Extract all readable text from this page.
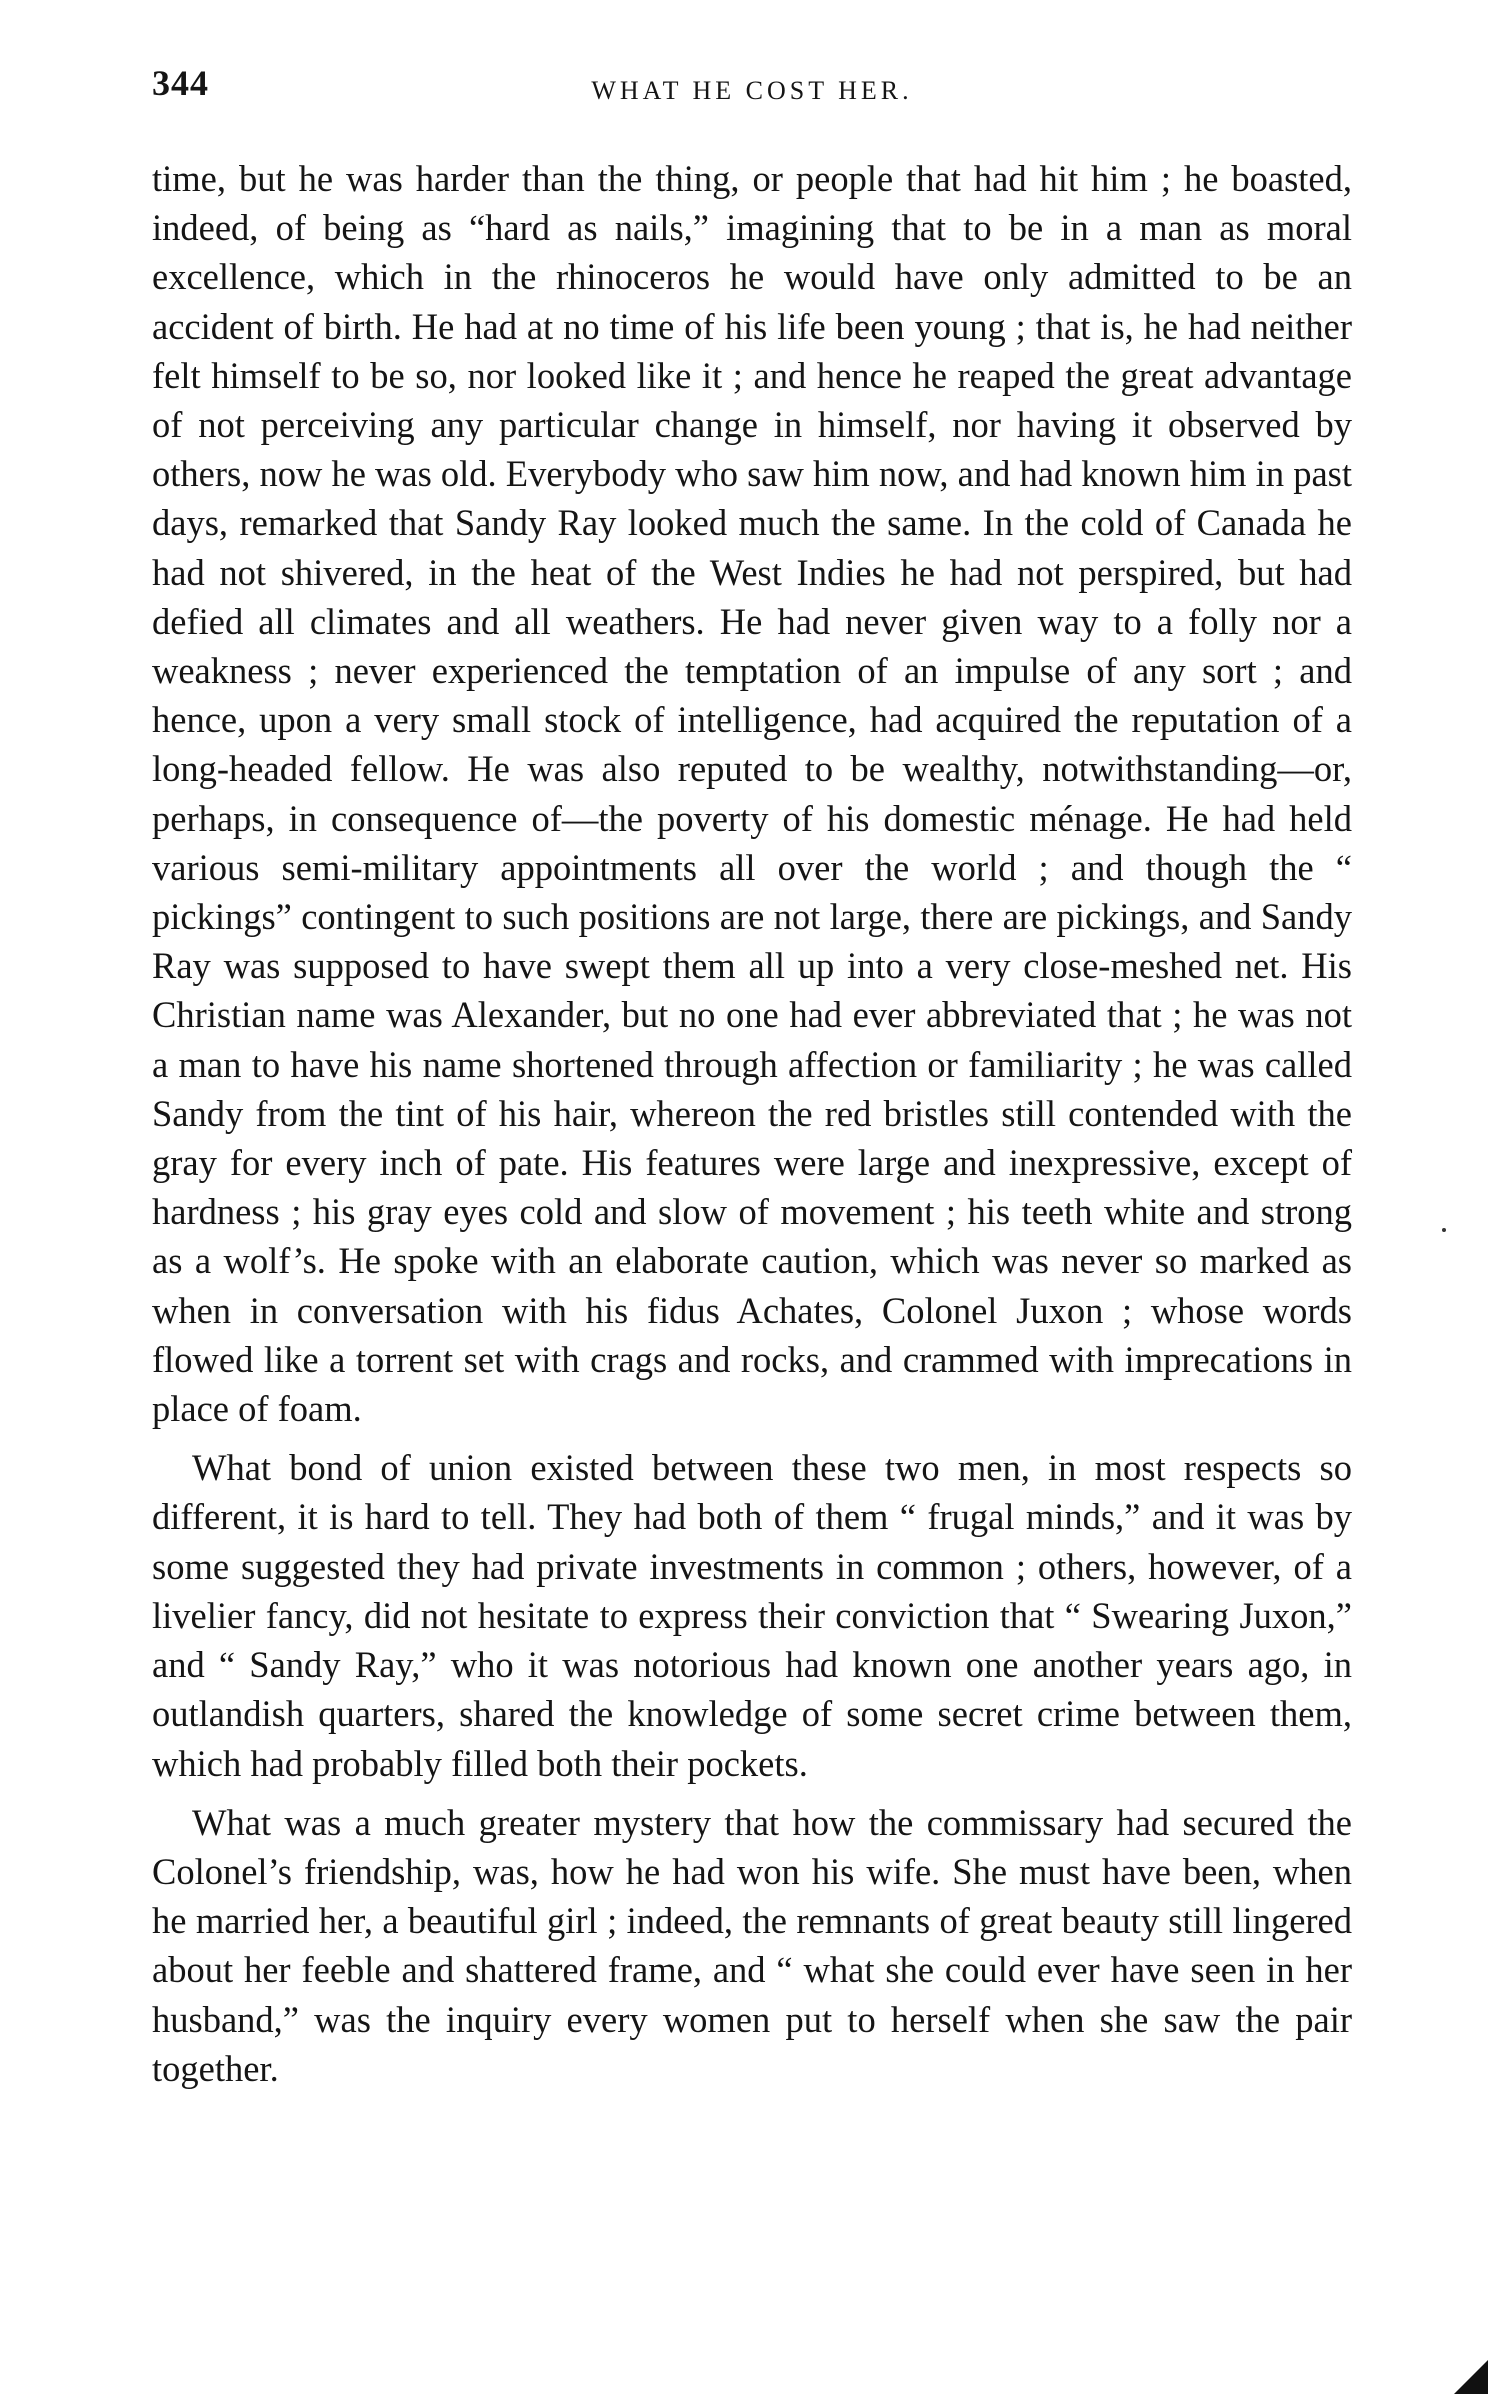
344	WHAT HE COST HER.

time, but he was harder than the thing, or people that had hit him ; he boasted, indeed, of being as “hard as nails,” imagining that to be in a man as moral excellence, which in the rhinoceros he would have only admitted to be an accident of birth. He had at no time of his life been young ; that is, he had neither felt himself to be so, nor looked like it ; and hence he reaped the great advantage of not perceiving any particular change in himself, nor having it observed by others, now he was old. Everybody who saw him now, and had known him in past days, remarked that Sandy Ray looked much the same. In the cold of Canada he had not shivered, in the heat of the West Indies he had not perspired, but had defied all climates and all weathers. He had never given way to a folly nor a weakness ; never experienced the temptation of an impulse of any sort ; and hence, upon a very small stock of intelligence, had acquired the reputation of a long-headed fellow. He was also reputed to be wealthy, notwithstanding—or, perhaps, in consequence of—the poverty of his domestic ménage. He had held various semi-military appointments all over the world ; and though the “ pickings” contingent to such positions are not large, there are pickings, and Sandy Ray was supposed to have swept them all up into a very close-meshed net. His Christian name was Alexander, but no one had ever abbreviated that ; he was not a man to have his name shortened through affection or familiarity ; he was called Sandy from the tint of his hair, whereon the red bristles still contended with the gray for every inch of pate. His features were large and inexpressive, except of hardness ; his gray eyes cold and slow of movement ; his teeth white and strong as a wolf’s. He spoke with an elaborate caution, which was never so marked as when in conversation with his fidus Achates, Colonel Juxon ; whose words flowed like a torrent set with crags and rocks, and crammed with imprecations in place of foam.

What bond of union existed between these two men, in most respects so different, it is hard to tell. They had both of them “ frugal minds,” and it was by some suggested they had private investments in common ; others, however, of a livelier fancy, did not hesitate to express their conviction that “ Swearing Juxon,” and “ Sandy Ray,” who it was notorious had known one another years ago, in outlandish quarters, shared the knowledge of some secret crime between them, which had probably filled both their pockets.

What was a much greater mystery that how the commissary had secured the Colonel’s friendship, was, how he had won his wife. She must have been, when he married her, a beautiful girl ; indeed, the remnants of great beauty still lingered about her feeble and shattered frame, and “ what she could ever have seen in her husband,” was the inquiry every women put to herself when she saw the pair together.
